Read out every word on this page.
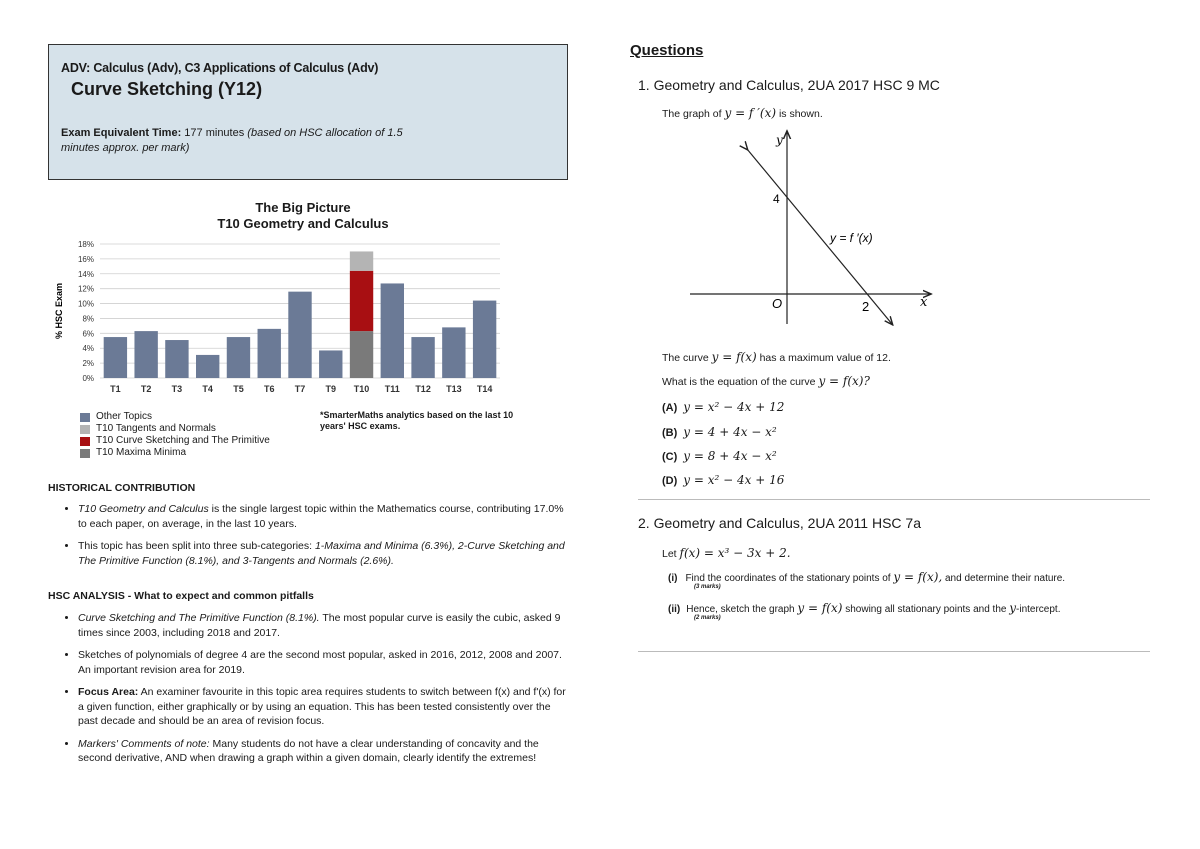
ADV: Calculus (Adv), C3 Applications of Calculus (Adv)
Curve Sketching (Y12)
Exam Equivalent Time: 177 minutes (based on HSC allocation of 1.5 minutes approx. per mark)
The Big Picture
T10 Geometry and Calculus
% HSC Exam
0%
2%
4%
6%
8%
10%
12%
14%
16%
18%
T1 T2 T3 T4 T5 T6 T7 T9 T10 T11 T12 T13 T14
Other Topics
T10 Tangents and Normals
T10 Curve Sketching and The Primitive
T10 Maxima Minima
*SmarterMaths analytics based on the last 10 years' HSC exams.
HISTORICAL CONTRIBUTION
• T10 Geometry and Calculus is the single largest topic within the Mathematics course, contributing 17.0% to each paper, on average, in the last 10 years.
• This topic has been split into three sub-categories: 1-Maxima and Minima (6.3%), 2-Curve Sketching and The Primitive Function (8.1%), and 3-Tangents and Normals (2.6%).
HSC ANALYSIS - What to expect and common pitfalls
• Curve Sketching and The Primitive Function (8.1%). The most popular curve is easily the cubic, asked 9 times since 2003, including 2018 and 2017.
• Sketches of polynomials of degree 4 are the second most popular, asked in 2016, 2012, 2008 and 2007. An important revision area for 2019.
• Focus Area: An examiner favourite in this topic area requires students to switch between f(x) and f'(x) for a given function, either graphically or by using an equation. This has been tested consistently over the past decade and should be an area of revision focus.
• Markers' Comments of note: Many students do not have a clear understanding of concavity and the second derivative, AND when drawing a graph within a given domain, clearly identify the extremes!
Questions
1. Geometry and Calculus, 2UA 2017 HSC 9 MC
The graph of y = f ′(x) is shown.
y
x
O
4
2
y = f ′(x)
The curve y = f(x) has a maximum value of 12.
What is the equation of the curve y = f(x)?
(A) y = x² − 4x + 12
(B) y = 4 + 4x − x²
(C) y = 8 + 4x − x²
(D) y = x² − 4x + 16
2. Geometry and Calculus, 2UA 2011 HSC 7a
Let f(x) = x³ − 3x + 2.
(i) Find the coordinates of the stationary points of y = f(x), and determine their nature.
(3 marks)
(ii) Hence, sketch the graph y = f(x) showing all stationary points and the y-intercept.
(2 marks)
